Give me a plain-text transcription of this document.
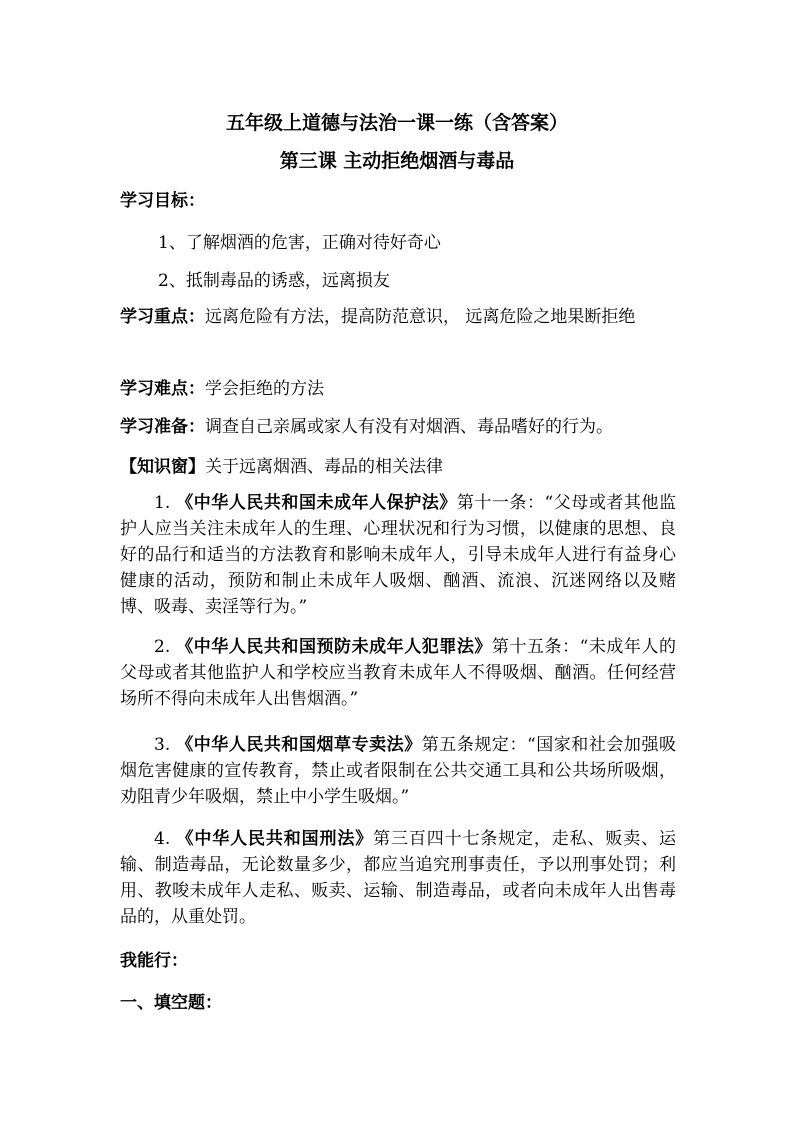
五年级上道德与法治一课一练（含答案）
第三课 主动拒绝烟酒与毒品
学习目标：
1、了解烟酒的危害，正确对待好奇心
2、抵制毒品的诱惑，远离损友
学习重点：远离危险有方法，提高防范意识， 远离危险之地果断拒绝
学习难点：学会拒绝的方法
学习准备：调查自己亲属或家人有没有对烟酒、毒品嗜好的行为。
【知识窗】关于远离烟酒、毒品的相关法律
1. 《中华人民共和国未成年人保护法》第十一条：“父母或者其他监护人应当关注未成年人的生理、心理状况和行为习惯，以健康的思想、良好的品行和适当的方法教育和影响未成年人，引导未成年人进行有益身心健康的活动，预防和制止未成年人吸烟、酗酒、流浪、沉迷网络以及赌博、吸毒、卖淫等行为。”
2. 《中华人民共和国预防未成年人犯罪法》第十五条：“未成年人的父母或者其他监护人和学校应当教育未成年人不得吸烟、酗酒。任何经营场所不得向未成年人出售烟酒。”
3. 《中华人民共和国烟草专卖法》第五条规定：“国家和社会加强吸烟危害健康的宣传教育，禁止或者限制在公共交通工具和公共场所吸烟，劝阻青少年吸烟，禁止中小学生吸烟。”
4. 《中华人民共和国刑法》第三百四十七条规定，走私、贩卖、运输、制造毒品，无论数量多少，都应当追究刑事责任，予以刑事处罚；利用、教唆未成年人走私、贩卖、运输、制造毒品，或者向未成年人出售毒品的，从重处罚。
我能行：
一、填空题：
